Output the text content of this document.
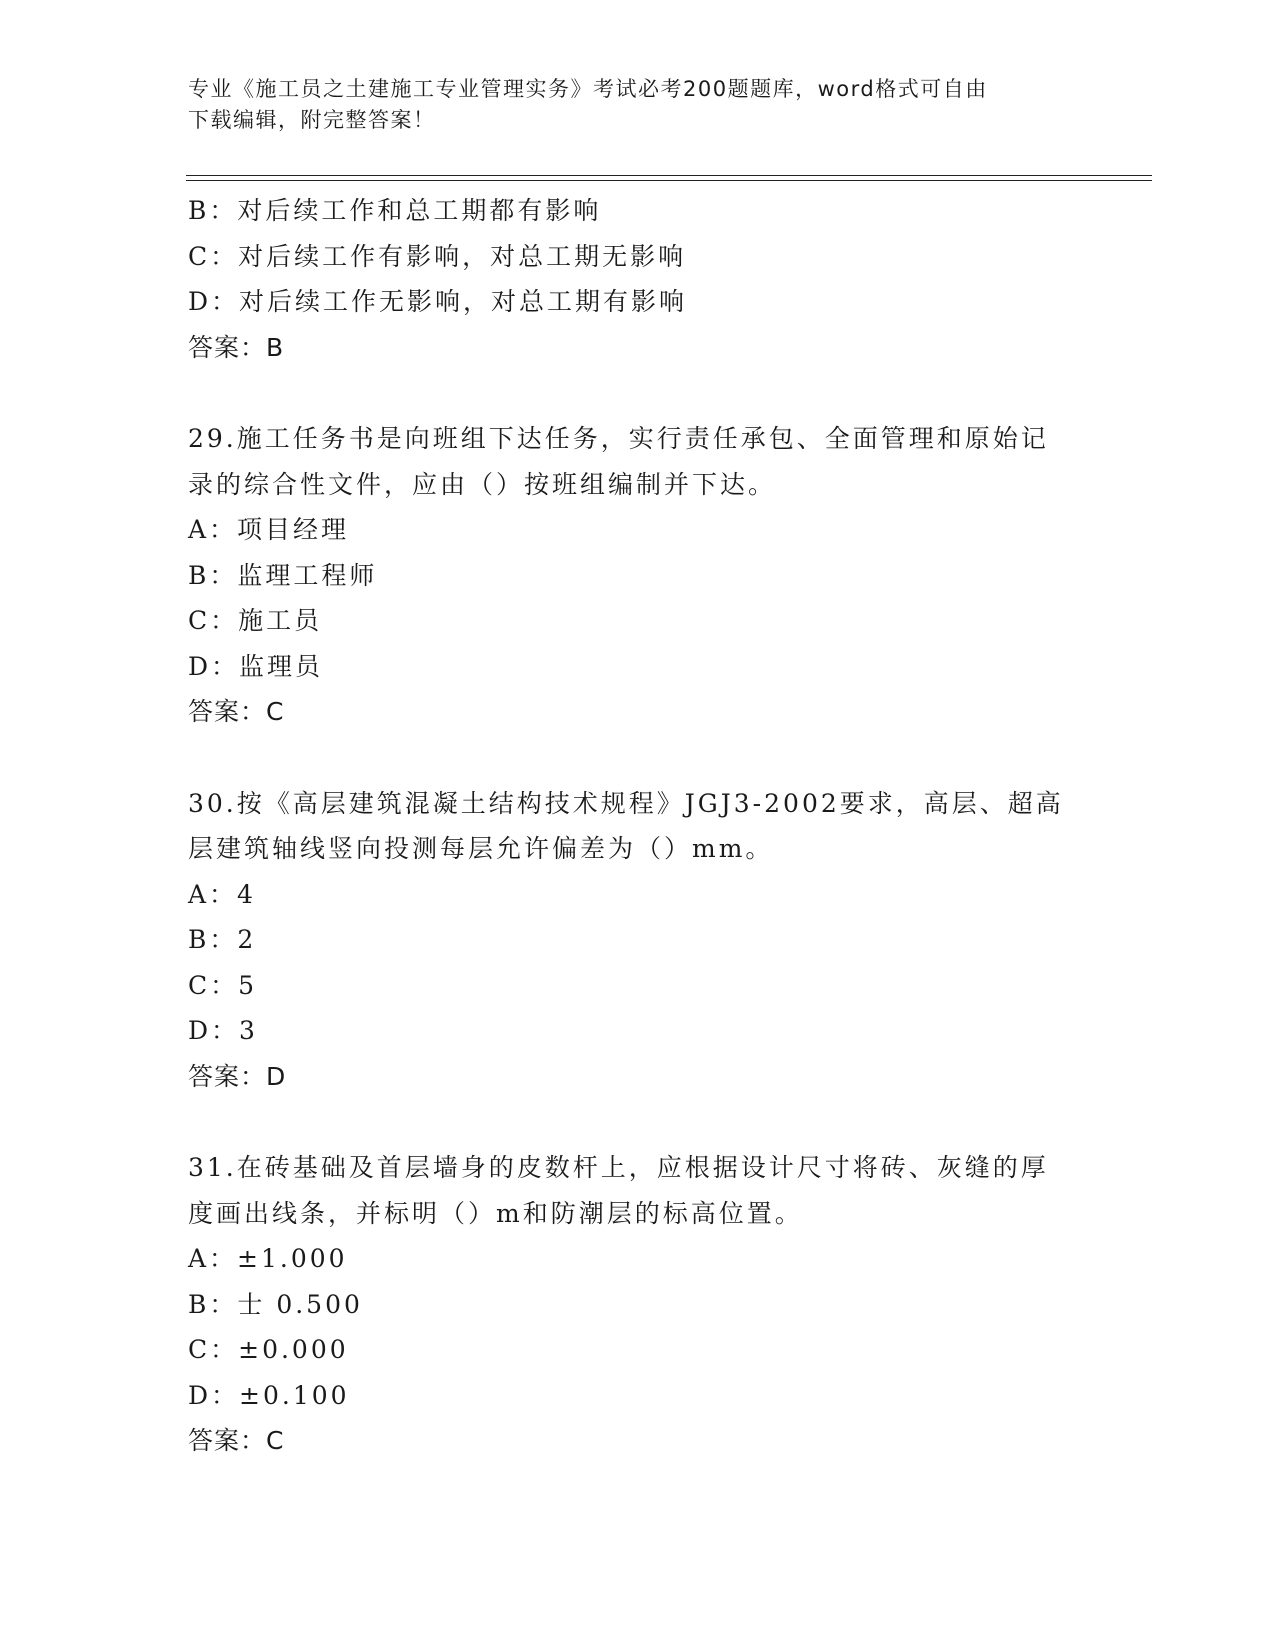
专业《施工员之土建施工专业管理实务》考试必考200题题库，word格式可自由
下载编辑，附完整答案！
B：对后续工作和总工期都有影响
C：对后续工作有影响，对总工期无影响
D：对后续工作无影响，对总工期有影响
答案：B
29.施工任务书是向班组下达任务，实行责任承包、全面管理和原始记
录的综合性文件，应由（）按班组编制并下达。
A：项目经理
B：监理工程师
C：施工员
D：监理员
答案：C
30.按《高层建筑混凝土结构技术规程》JGJ3-2002要求，高层、超高
层建筑轴线竖向投测每层允许偏差为（）mm。
A：4
B：2
C：5
D：3
答案：D
31.在砖基础及首层墙身的皮数杆上，应根据设计尺寸将砖、灰缝的厚
度画出线条，并标明（）m和防潮层的标高位置。
A：±1.000
B：士 0.500
C：±0.000
D：±0.100
答案：C
